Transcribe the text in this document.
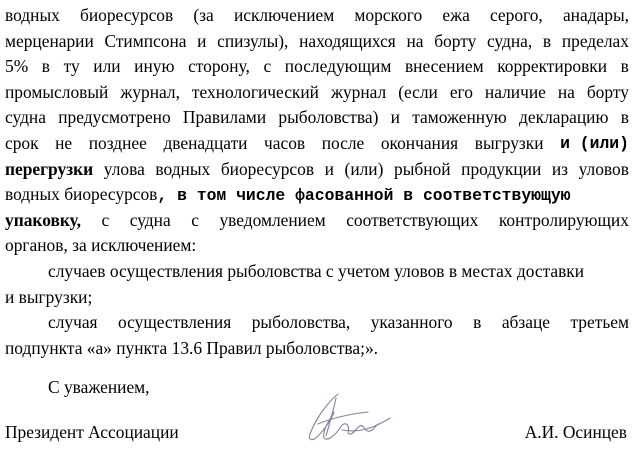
водных биоресурсов (за исключением морского ежа серого, анадары,
мерценарии Стимпсона и спизулы), находящихся на борту судна, в пределах
5% в ту или иную сторону, с последующим внесением корректировки в
промысловый журнал, технологический журнал (если его наличие на борту
судна предусмотрено Правилами рыболовства) и таможенную декларацию в
срок не позднее двенадцати часов после окончания выгрузки и (или)
перегрузки улова водных биоресурсов и (или) рыбной продукции из уловов
водных биоресурсов, в том числе фасованной в соответствующую
упаковку, с судна с уведомлением соответствующих контролирующих
органов, за исключением:
случаев осуществления рыболовства с учетом уловов в местах доставки
и выгрузки;
случая осуществления рыболовства, указанного в абзаце третьем
подпункта «а» пункта 13.6 Правил рыболовства;».
С уважением,
Президент Ассоциации	А.И. Осинцев
